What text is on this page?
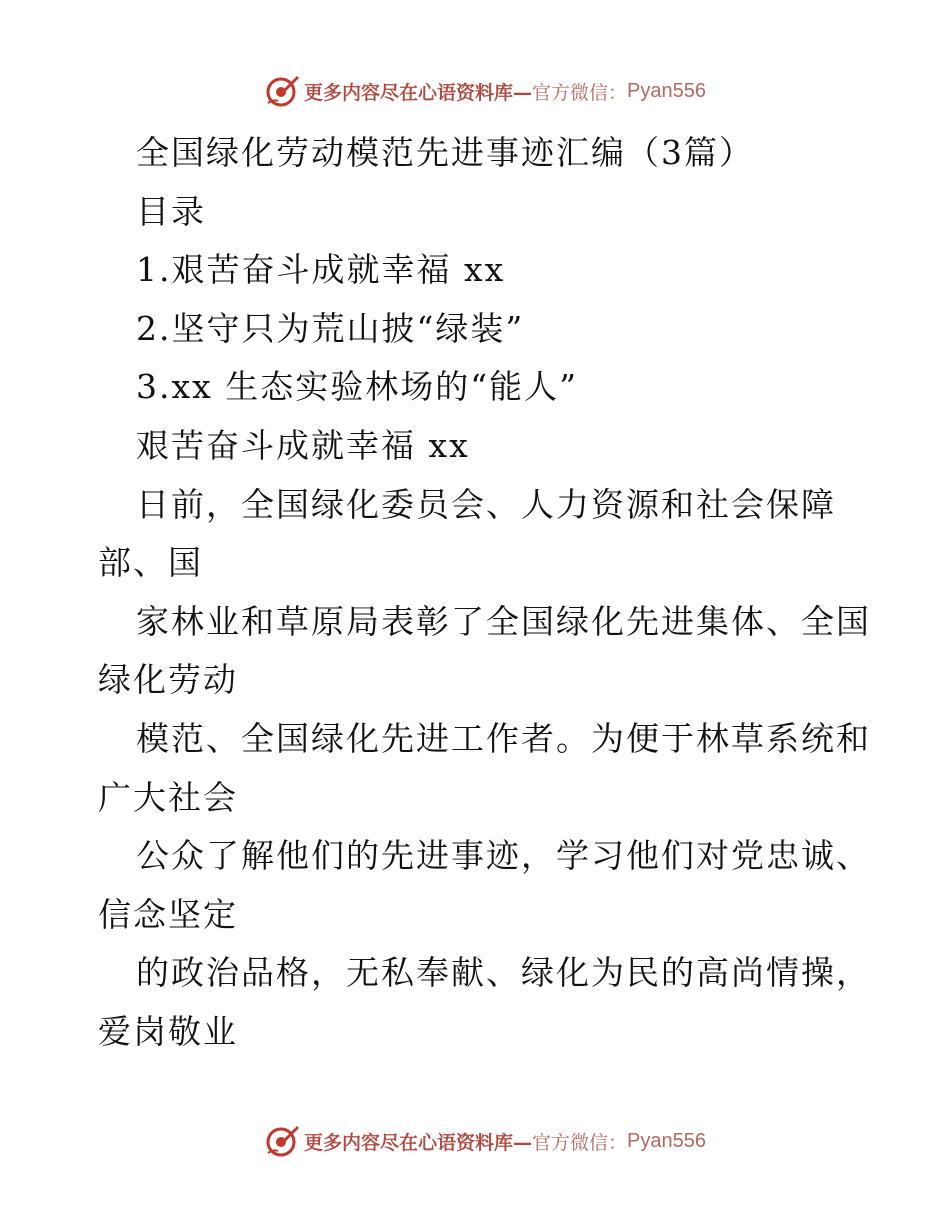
更多内容尽在心语资料库— 官方微信： Pyan556
全国绿化劳动模范先进事迹汇编（3篇）
目录
1.艰苦奋斗成就幸福 xx
2.坚守只为荒山披“绿装”
3.xx 生态实验林场的“能人”
艰苦奋斗成就幸福 xx
日前，全国绿化委员会、人力资源和社会保障
部、国
家林业和草原局表彰了全国绿化先进集体、全国
绿化劳动
模范、全国绿化先进工作者。为便于林草系统和
广大社会
公众了解他们的先进事迹，学习他们对党忠诚、
信念坚定
的政治品格，无私奉献、绿化为民的高尚情操，
爱岗敬业
更多内容尽在心语资料库— 官方微信： Pyan556
